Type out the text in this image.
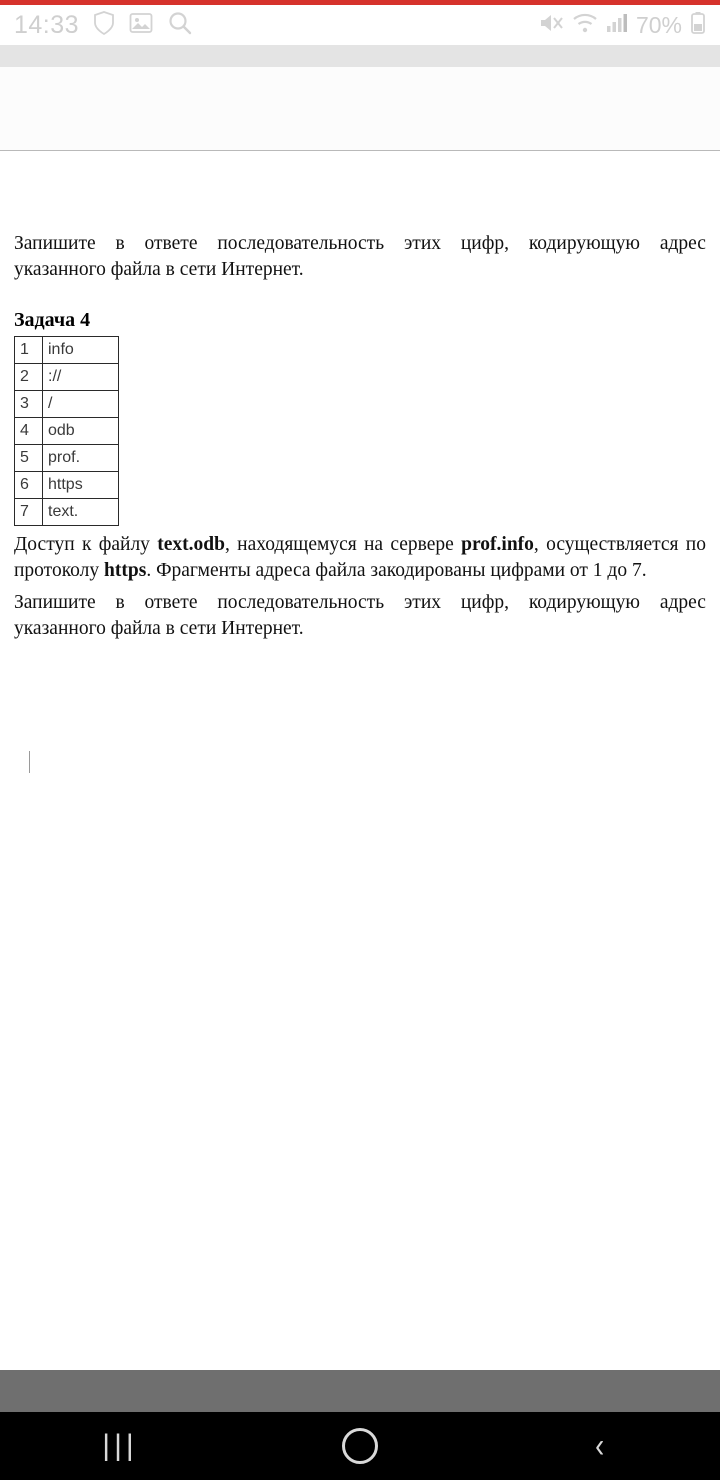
14:33	70%

Запишите в ответе последовательность этих цифр, кодирующую адрес
указанного файла в сети Интернет.

Задача 4
1	info
2	://
3	/
4	odb
5	prof.
6	https
7	text.

Доступ к файлу text.odb, находящемуся на сервере prof.info, осуществляется по протоколу https. Фрагменты адреса файла закодированы цифрами от 1 до 7.

Запишите в ответе последовательность этих цифр, кодирующую адрес
указанного файла в сети Интернет.

|||	‹
